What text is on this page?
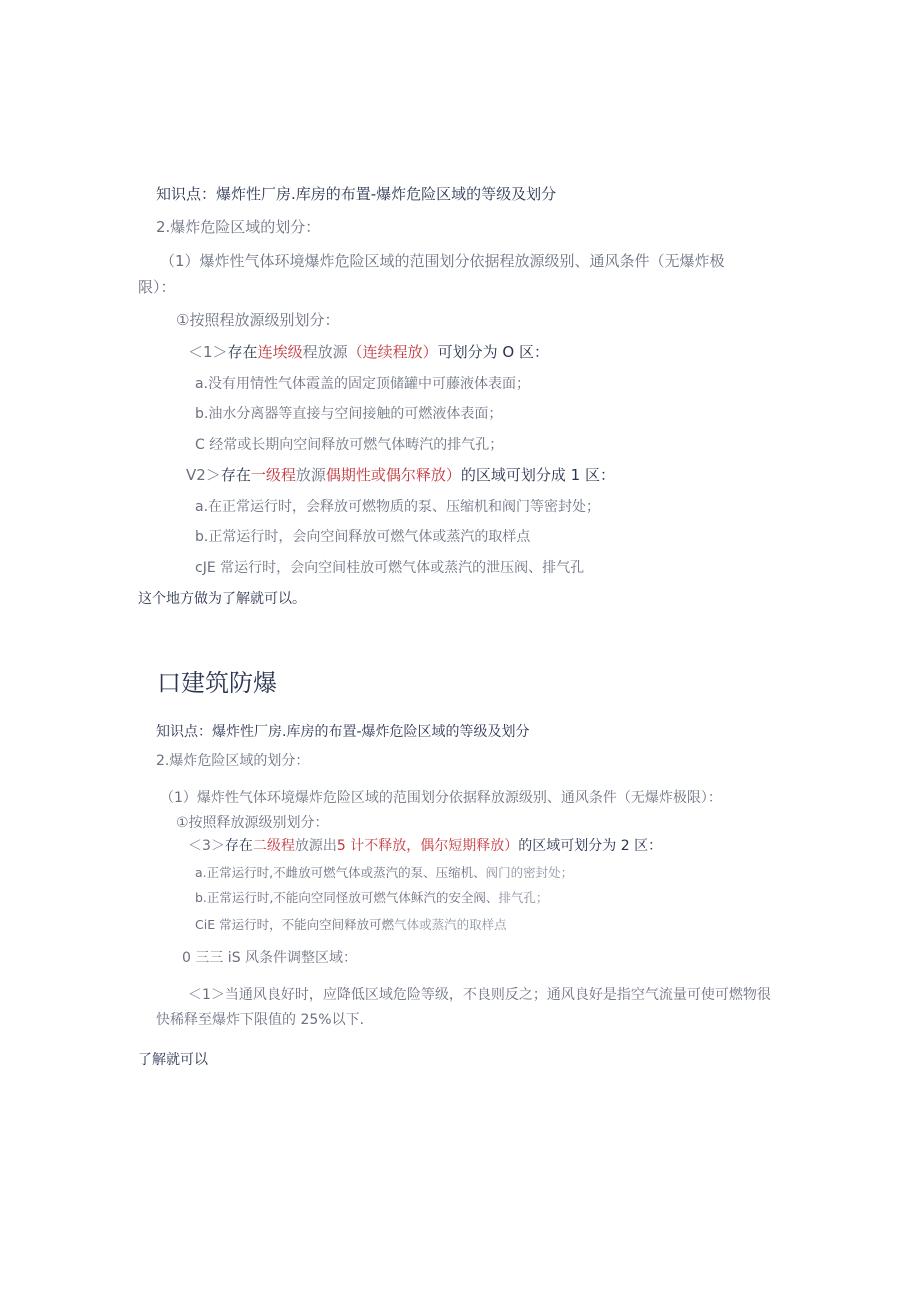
知识点：爆炸性厂房.库房的布置-爆炸危险区域的等级及划分
2.爆炸危险区域的划分：
（1）爆炸性气体环境爆炸危险区域的范围划分依据程放源级别、通风条件（无爆炸极
限）：
①按照程放源级别划分：
＜1＞存在连埃级程放源（连续程放）可划分为 O 区：
a.没有用情性气体霞盖的固定顶储罐中可藤液体表面；
b.油水分离器等直接与空间接触的可燃液体表面；
C 经常或长期向空间释放可燃气体畴汽的排气孔；
V2＞存在一级程放源偶期性或偶尔释放）的区域可划分成 1 区：
a.在正常运行时，会释放可燃物质的泵、压缩机和阀门等密封处；
b.正常运行时，会向空间释放可燃气体或蒸汽的取样点
cJE 常运行时，会向空间桂放可燃气体或蒸汽的泄压阀、排气孔
这个地方做为了解就可以。
口建筑防爆
知识点：爆炸性厂房.库房的布置-爆炸危险区域的等级及划分
2.爆炸危险区域的划分：
（1）爆炸性气体环境爆炸危险区域的范围划分依据释放源级别、通风条件（无爆炸极限）：
①按照释放源级别划分：
＜3＞存在二级程放源出5 计不释放，偶尔短期释放）的区域可划分为 2 区：
a.正常运行时,不雌放可燃气体或蒸汽的泵、压缩机、阀门的密封处；
b.正常运行时,不能向空同怪放可燃气体稣汽的安全阀、排气孔；
CiE 常运行时，不能向空间释放可燃气体或蒸汽的取样点
0 三三 iS 风条件调整区域：
＜1＞当通风良好时，应降低区域危险等级，不良则反之；通风良好是指空气流量可使可燃物很
快稀释至爆炸下限值的 25%以下.
了解就可以
